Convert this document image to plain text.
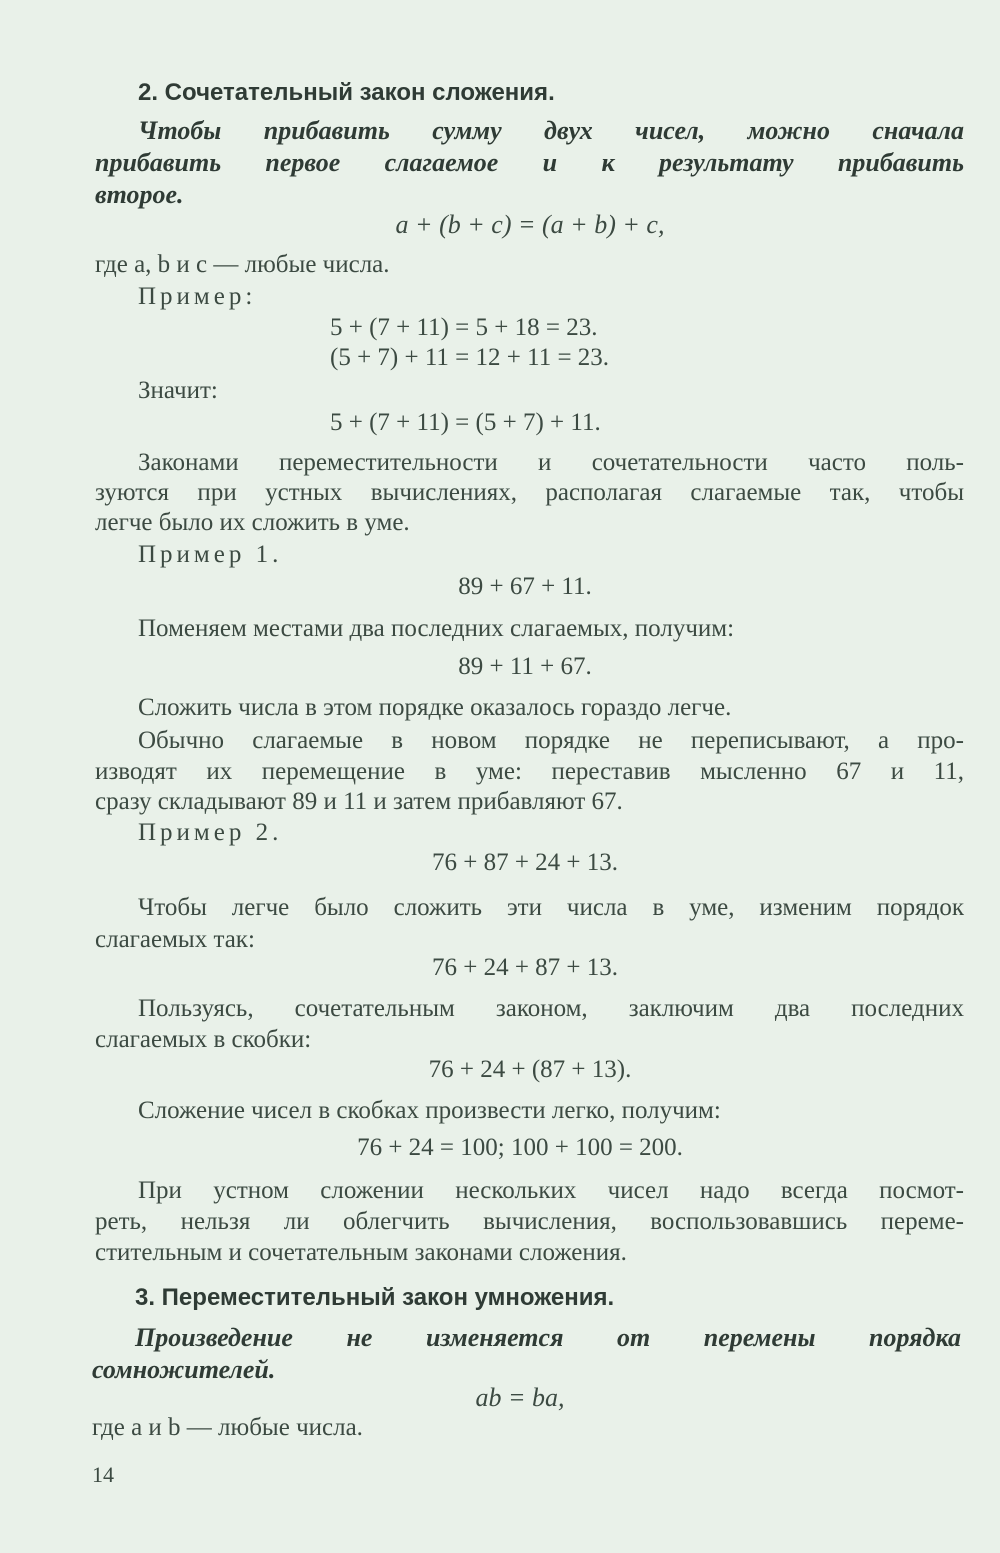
2. Сочетательный закон сложения.
Чтобы прибавить сумму двух чисел, можно сначала
прибавить первое слагаемое и к результату прибавить
второе.
a + (b + c) = (a + b) + c,
где a, b и c — любые числа.
Пример:
5 + (7 + 11) = 5 + 18 = 23.
(5 + 7) + 11 = 12 + 11 = 23.
Значит:
5 + (7 + 11) = (5 + 7) + 11.
Законами переместительности и сочетательности часто поль-
зуются при устных вычислениях, располагая слагаемые так, чтобы
легче было их сложить в уме.
Пример 1.
89 + 67 + 11.
Поменяем местами два последних слагаемых, получим:
89 + 11 + 67.
Сложить числа в этом порядке оказалось гораздо легче.
Обычно слагаемые в новом порядке не переписывают, а про-
изводят их перемещение в уме: переставив мысленно 67 и 11,
сразу складывают 89 и 11 и затем прибавляют 67.
Пример 2.
76 + 87 + 24 + 13.
Чтобы легче было сложить эти числа в уме, изменим порядок
слагаемых так:
76 + 24 + 87 + 13.
Пользуясь, сочетательным законом, заключим два последних
слагаемых в скобки:
76 + 24 + (87 + 13).
Сложение чисел в скобках произвести легко, получим:
76 + 24 = 100; 100 + 100 = 200.
При устном сложении нескольких чисел надо всегда посмот-
реть, нельзя ли облегчить вычисления, воспользовавшись переме-
стительным и сочетательным законами сложения.
3. Переместительный закон умножения.
Произведение не изменяется от перемены порядка
сомножителей.
ab = ba,
где a и b — любые числа.
14
